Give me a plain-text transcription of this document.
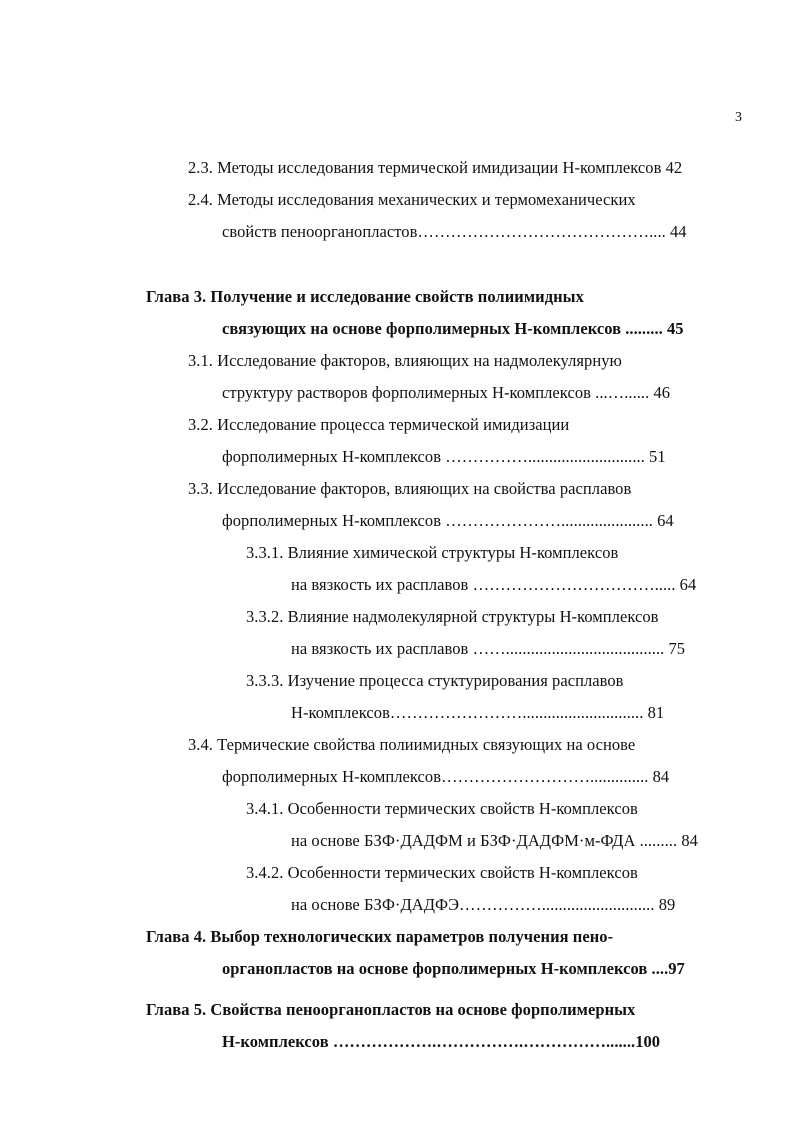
3
2.3. Методы исследования термической имидизации Н-комплексов 42
2.4. Методы исследования механических и термомеханических
свойств пеноорганопластов…………………………………….... 44
Глава 3. Получение и исследование свойств полиимидных
связующих на основе форполимерных Н-комплексов ......... 45
3.1. Исследование факторов, влияющих на надмолекулярную
структуру растворов форполимерных Н-комплексов ...…...... 46
3.2. Исследование процесса термической имидизации
форполимерных Н-комплексов ……………............................ 51
3.3. Исследование факторов, влияющих на свойства расплавов
форполимерных Н-комплексов …………………...................... 64
3.3.1. Влияние химической структуры Н-комплексов
на вязкость их расплавов ……………………………..... 64
3.3.2. Влияние надмолекулярной структуры Н-комплексов
на вязкость их расплавов ……...................................... 75
3.3.3. Изучение процесса стуктурирования расплавов
Н-комплексов……………………............................. 81
3.4. Термические свойства полиимидных связующих на основе
форполимерных Н-комплексов……………………….............. 84
3.4.1. Особенности термических свойств Н-комплексов
на основе БЗФ·ДАДФМ и БЗФ·ДАДФМ·м-ФДА ......... 84
3.4.2. Особенности термических свойств Н-комплексов
на основе БЗФ·ДАДФЭ……………........................... 89
Глава 4. Выбор технологических параметров получения пено-
органопластов на основе форполимерных Н-комплексов ....97
Глава 5. Свойства пеноорганопластов на основе форполимерных
Н-комплексов ……………….…………….…………….......100
